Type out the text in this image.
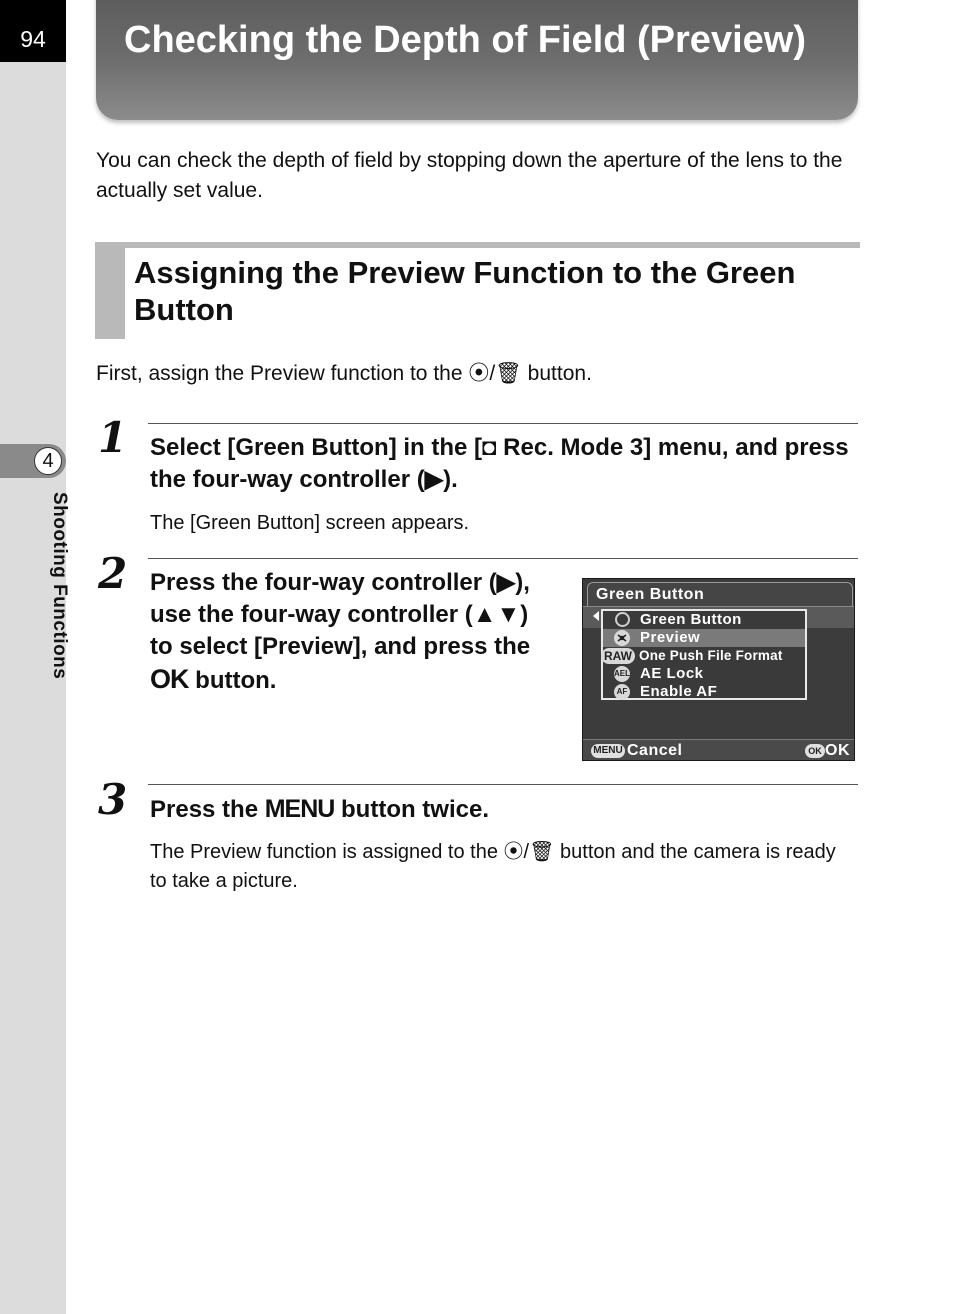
94
4
Shooting Functions
Checking the Depth of Field (Preview)

You can check the depth of field by stopping down the aperture of the lens to the actually set value.

Assigning the Preview Function to the Green Button
First, assign the Preview function to the ⦿/🗑 button.
1 Select [Green Button] in the [◘ Rec. Mode 3] menu, and press the four-way controller (▶).

The [Green Button] screen appears.

2 Press the four-way controller (▶), use the four-way controller (▲▼) to select [Preview], and press the OK button.

Green Button
Green Button
Preview
RAW One Push File Format
AEL AE Lock
AF Enable AF
MENU Cancel	OK OK
3 Press the MENU button twice.

The Preview function is assigned to the ⦿/🗑 button and the camera is ready to take a picture.
